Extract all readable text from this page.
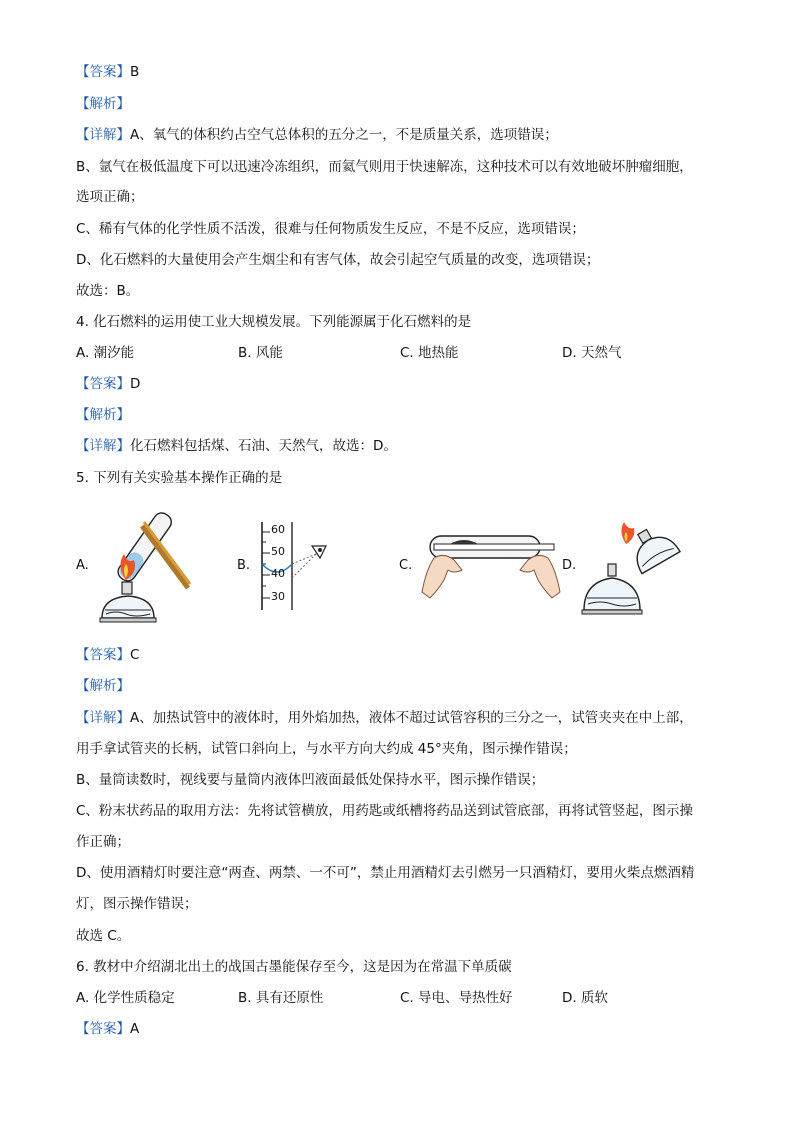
【答案】B
【解析】
【详解】A、氧气的体积约占空气总体积的五分之一，不是质量关系，选项错误；
B、氩气在极低温度下可以迅速冷冻组织，而氦气则用于快速解冻，这种技术可以有效地破坏肿瘤细胞，
选项正确；
C、稀有气体的化学性质不活泼，很难与任何物质发生反应，不是不反应，选项错误；
D、化石燃料的大量使用会产生烟尘和有害气体，故会引起空气质量的改变，选项错误；
故选：B。
4. 化石燃料的运用使工业大规模发展。下列能源属于化石燃料的是
A. 潮汐能	B. 风能	C. 地热能	D. 天然气
【答案】D
【解析】
【详解】化石燃料包括煤、石油、天然气，故选：D。
5. 下列有关实验基本操作正确的是
A.	B.
60
50
40
30
C.	D.
【答案】C
【解析】
【详解】A、加热试管中的液体时，用外焰加热，液体不超过试管容积的三分之一，试管夹夹在中上部，
用手拿试管夹的长柄，试管口斜向上，与水平方向大约成 45°夹角，图示操作错误；
B、量筒读数时，视线要与量筒内液体凹液面最低处保持水平，图示操作错误；
C、粉末状药品的取用方法：先将试管横放，用药匙或纸槽将药品送到试管底部，再将试管竖起，图示操
作正确；
D、使用酒精灯时要注意“两查、两禁、一不可”，禁止用酒精灯去引燃另一只酒精灯，要用火柴点燃酒精
灯，图示操作错误；
故选 C。
6. 教材中介绍湖北出土的战国古墨能保存至今，这是因为在常温下单质碳
A. 化学性质稳定	B. 具有还原性	C. 导电、导热性好	D. 质软
【答案】A
